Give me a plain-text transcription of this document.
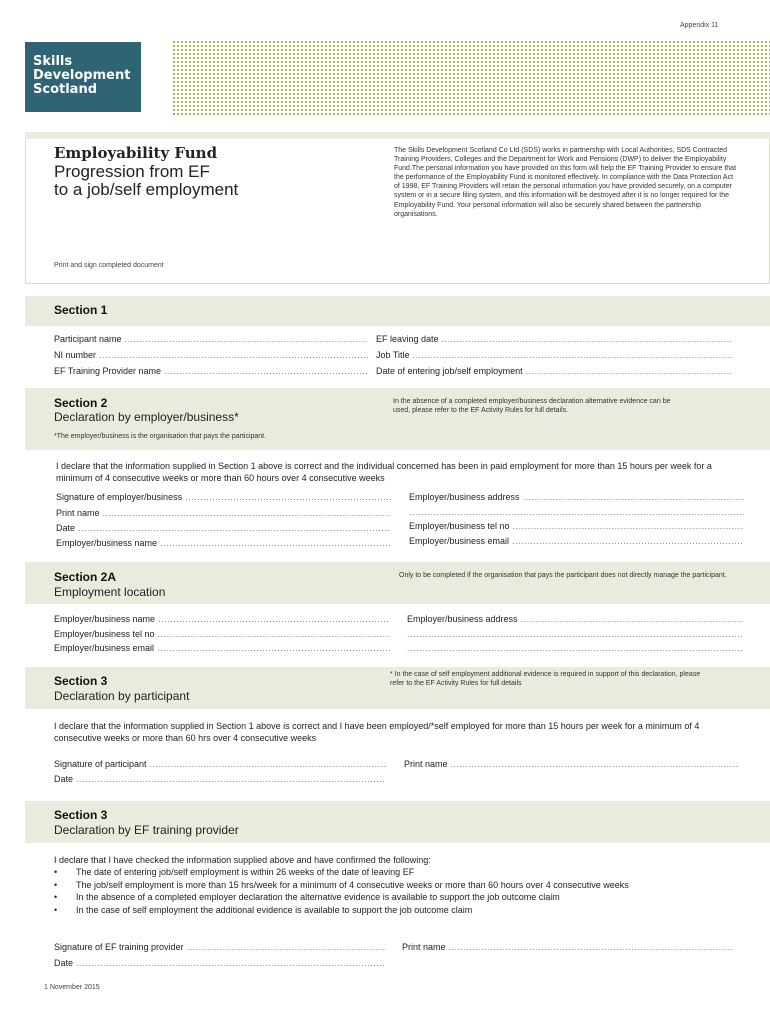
Appendix 11
Skills
Development
Scotland
Employability Fund
Progression from EF
to a job/self employment
The Skills Development Scotland Co Ltd (SDS) works in partnership with Local Authorities, SDS Contracted Training Providers, Colleges and the Department for Work and Pensions (DWP) to deliver the Employability Fund.The personal information you have provided on this form will help the EF Training Provider to ensure that the performance of the Employability Fund is monitored effectively. In compliance with the Data Protection Act of 1998, EF Training Providers will retain the personal information you have provided securely, on a computer system or in a secure filing system, and this information will be destroyed after it is no longer required for the Employability Fund. Your personal information will also be securely shared between the partnership organisations.
Print and sign completed document
Section 1
Participant name .....
NI number .....
EF Training Provider name .....
EF leaving date .....
Job Title .....
Date of entering job/self employment .....
Section 2
Declaration by employer/business*
In the absence of a completed employer/business declaration alternative evidence can be used, please refer to the EF Activity Rules for full details.
*The employer/business is the organisation that pays the participant.
I declare that the information supplied in Section 1 above is correct and the individual concerned has been in paid employment for more than 15 hours per week for a minimum of 4 consecutive weeks or more than 60 hours over 4 consecutive weeks
Signature of employer/business .....
Print name .....
Date .....
Employer/business name .....
Employer/business address .....
.....
Employer/business tel no .....
Employer/business email .....
Section 2A
Employment location
Only to be completed if the organisation that pays the participant does not directly manage the participant.
Employer/business name .....
Employer/business tel no .....
Employer/business email .....
Employer/business address .....
.....
.....
Section 3
Declaration by participant
* In the case of self employment additional evidence is required in support of this declaration, please refer to the EF Activity Rules for full details
I declare that the information supplied in Section 1 above is correct and I have been employed/*self employed for more than 15 hours per week for a minimum of 4 consecutive weeks or more than 60 hrs over 4 consecutive weeks
Signature of participant .....
Date .....
Print name .....
Section 3
Declaration by EF training provider
I declare that I have checked the information supplied above and have confirmed the following:
• The date of entering job/self employment is within 26 weeks of the date of leaving EF
• The job/self employment is more than 15 hrs/week for a minimum of 4 consecutive weeks or more than 60 hours over 4 consecutive weeks
• In the absence of a completed employer declaration the alternative evidence is available to support the job outcome claim
• In the case of self employment the additional evidence is available to support the job outcome claim
Signature of EF training provider .....
Date .....
Print name .....
1 November 2015
